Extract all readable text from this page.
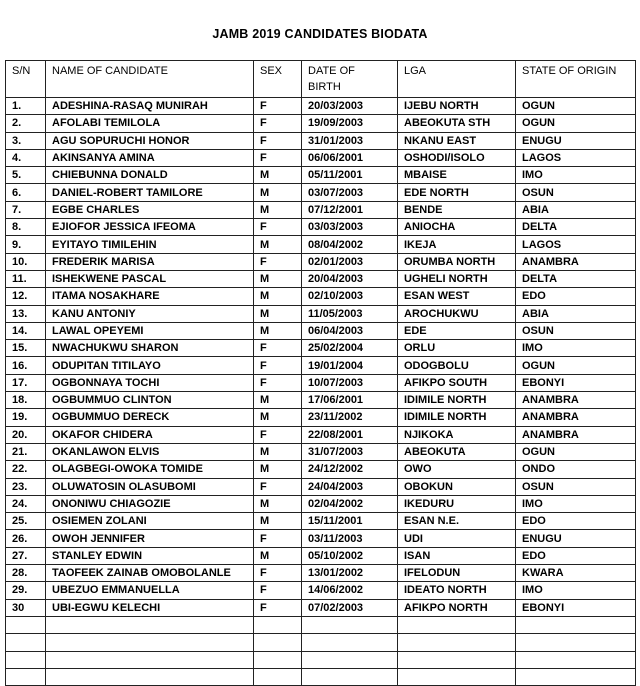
JAMB 2019 CANDIDATES BIODATA
S/N	NAME OF CANDIDATE	SEX	DATE OF BIRTH	LGA	STATE OF ORIGIN
1.	ADESHINA-RASAQ MUNIRAH	F	20/03/2003	IJEBU NORTH	OGUN
2.	AFOLABI TEMILOLA	F	19/09/2003	ABEOKUTA STH	OGUN
3.	AGU SOPURUCHI HONOR	F	31/01/2003	NKANU EAST	ENUGU
4.	AKINSANYA AMINA	F	06/06/2001	OSHODI/ISOLO	LAGOS
5.	CHIEBUNNA DONALD	M	05/11/2001	MBAISE	IMO
6.	DANIEL-ROBERT TAMILORE	M	03/07/2003	EDE NORTH	OSUN
7.	EGBE CHARLES	M	07/12/2001	BENDE	ABIA
8.	EJIOFOR JESSICA IFEOMA	F	03/03/2003	ANIOCHA	DELTA
9.	EYITAYO TIMILEHIN	M	08/04/2002	IKEJA	LAGOS
10.	FREDERIK MARISA	F	02/01/2003	ORUMBA NORTH	ANAMBRA
11.	ISHEKWENE PASCAL	M	20/04/2003	UGHELI NORTH	DELTA
12.	ITAMA NOSAKHARE	M	02/10/2003	ESAN WEST	EDO
13.	KANU ANTONIY	M	11/05/2003	AROCHUKWU	ABIA
14.	LAWAL OPEYEMI	M	06/04/2003	EDE	OSUN
15.	NWACHUKWU SHARON	F	25/02/2004	ORLU	IMO
16.	ODUPITAN TITILAYO	F	19/01/2004	ODOGBOLU	OGUN
17.	OGBONNAYA TOCHI	F	10/07/2003	AFIKPO SOUTH	EBONYI
18.	OGBUMMUO CLINTON	M	17/06/2001	IDIMILE NORTH	ANAMBRA
19.	OGBUMMUO DERECK	M	23/11/2002	IDIMILE NORTH	ANAMBRA
20.	OKAFOR CHIDERA	F	22/08/2001	NJIKOKA	ANAMBRA
21.	OKANLAWON ELVIS	M	31/07/2003	ABEOKUTA	OGUN
22.	OLAGBEGI-OWOKA TOMIDE	M	24/12/2002	OWO	ONDO
23.	OLUWATOSIN OLASUBOMI	F	24/04/2003	OBOKUN	OSUN
24.	ONONIWU CHIAGOZIE	M	02/04/2002	IKEDURU	IMO
25.	OSIEMEN ZOLANI	M	15/11/2001	ESAN N.E.	EDO
26.	OWOH JENNIFER	F	03/11/2003	UDI	ENUGU
27.	STANLEY EDWIN	M	05/10/2002	ISAN	EDO
28.	TAOFEEK ZAINAB OMOBOLANLE	F	13/01/2002	IFELODUN	KWARA
29.	UBEZUO EMMANUELLA	F	14/06/2002	IDEATO NORTH	IMO
30	UBI-EGWU KELECHI	F	07/02/2003	AFIKPO NORTH	EBONYI
